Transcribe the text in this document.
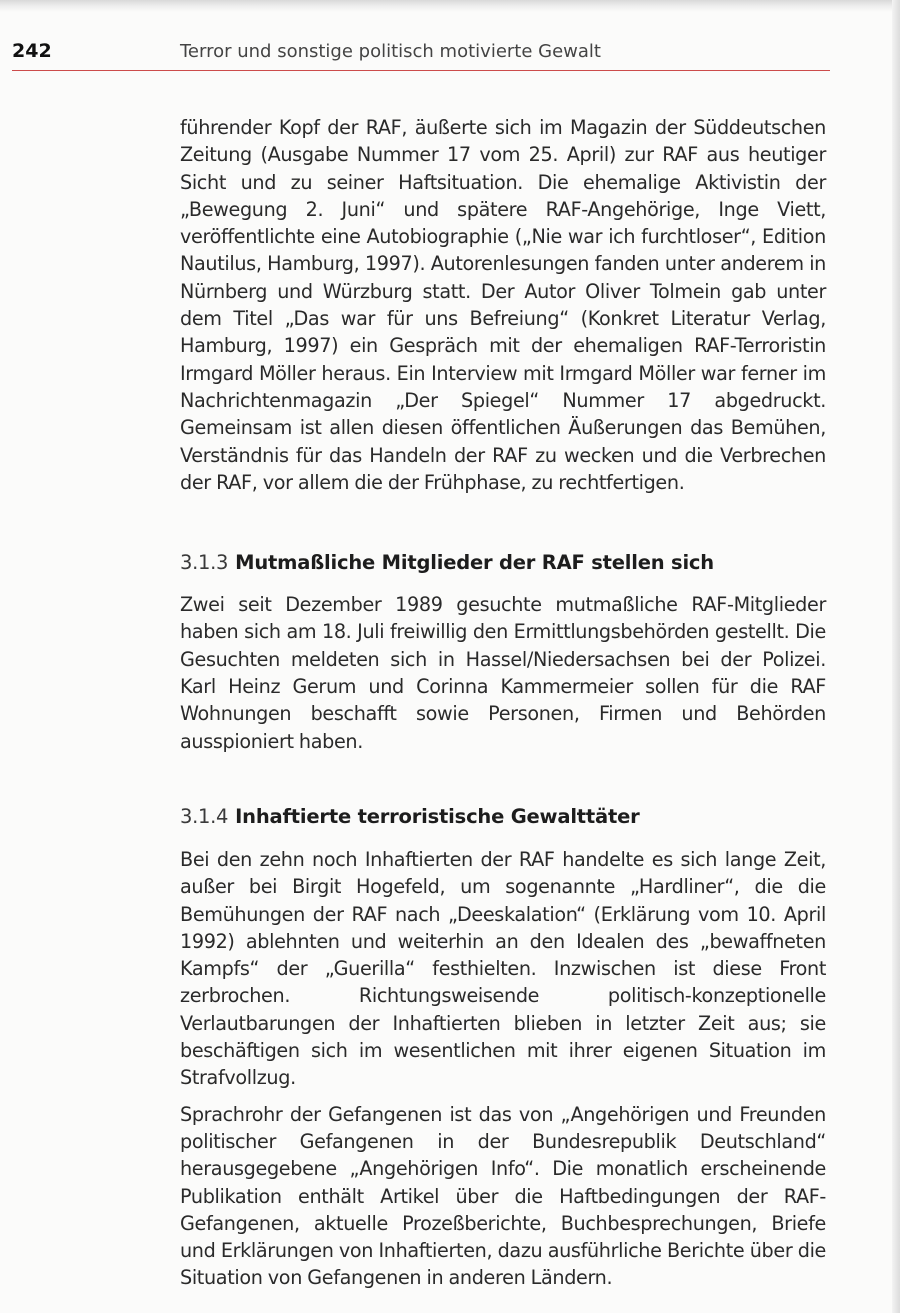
242	Terror und sonstige politisch motivierte Gewalt

führender Kopf der RAF, äußerte sich im Magazin der Süddeutschen Zeitung (Ausgabe Nummer 17 vom 25. April) zur RAF aus heutiger Sicht und zu seiner Haftsituation. Die ehemalige Aktivistin der „Bewegung 2. Juni“ und spätere RAF-Angehörige, Inge Viett, veröffentlichte eine Autobiographie („Nie war ich furchtloser“, Edition Nautilus, Hamburg, 1997). Autorenlesungen fanden unter anderem in Nürnberg und Würzburg statt. Der Autor Oliver Tolmein gab unter dem Titel „Das war für uns Befreiung“ (Konkret Literatur Verlag, Hamburg, 1997) ein Gespräch mit der ehemaligen RAF-Terroristin Irmgard Möller heraus. Ein Interview mit Irmgard Möller war ferner im Nachrichtenmagazin „Der Spiegel“ Nummer 17 abgedruckt. Gemeinsam ist allen diesen öffentlichen Äußerungen das Bemühen, Verständnis für das Handeln der RAF zu wecken und die Verbrechen der RAF, vor allem die der Frühphase, zu rechtfertigen.

3.1.3 Mutmaßliche Mitglieder der RAF stellen sich

Zwei seit Dezember 1989 gesuchte mutmaßliche RAF-Mitglieder haben sich am 18. Juli freiwillig den Ermittlungsbehörden gestellt. Die Gesuchten meldeten sich in Hassel/Niedersachsen bei der Polizei. Karl Heinz Gerum und Corinna Kammermeier sollen für die RAF Wohnungen beschafft sowie Personen, Firmen und Behörden ausspioniert haben.

3.1.4 Inhaftierte terroristische Gewalttäter

Bei den zehn noch Inhaftierten der RAF handelte es sich lange Zeit, außer bei Birgit Hogefeld, um sogenannte „Hardliner“, die die Bemühungen der RAF nach „Deeskalation“ (Erklärung vom 10. April 1992) ablehnten und weiterhin an den Idealen des „bewaffneten Kampfs“ der „Guerilla“ festhielten. Inzwischen ist diese Front zerbrochen. Richtungsweisende politisch-konzeptionelle Verlautbarungen der Inhaftierten blieben in letzter Zeit aus; sie beschäftigen sich im wesentlichen mit ihrer eigenen Situation im Strafvollzug.

Sprachrohr der Gefangenen ist das von „Angehörigen und Freunden politischer Gefangenen in der Bundesrepublik Deutschland“ herausgegebene „Angehörigen Info“. Die monatlich erscheinende Publikation enthält Artikel über die Haftbedingungen der RAF-Gefangenen, aktuelle Prozeßberichte, Buchbesprechungen, Briefe und Erklärungen von Inhaftierten, dazu ausführliche Berichte über die Situation von Gefangenen in anderen Ländern.
